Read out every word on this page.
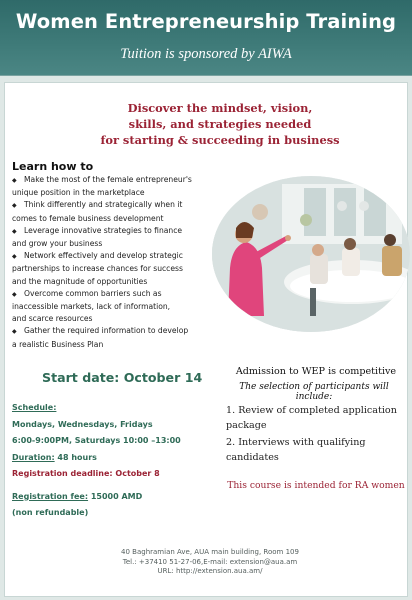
Women Entrepreneurship Training
Tuition is sponsored by AIWA
Discover the mindset, vision,
skills, and strategies needed
for starting & succeeding in business
Learn how to
◆ Make the most of the female entrepreneur's
unique position in the marketplace
◆ Think differently and strategically when it
comes to female business development
◆ Leverage innovative strategies to finance
and grow your business
◆ Network effectively and develop strategic
partnerships to increase chances for success
and the magnitude of opportunities
◆ Overcome common barriers such as
inaccessible markets, lack of information,
and scarce resources
◆ Gather the required information to develop
a realistic Business Plan
Start date: October 14
Schedule:
Mondays, Wednesdays, Fridays
6:00-9:00PM, Saturdays 10:00 –13:00
Duration: 48 hours
Registration deadline: October 8
Registration fee: 15000 AMD
(non refundable)
Admission to WEP is competitive
The selection of participants will include:
1. Review of completed application
package
2. Interviews with qualifying
candidates
This course is intended for RA women
40 Baghramian Ave, AUA main building, Room 109
Tel.: +37410 51-27-06,E-mail: extension@aua.am
URL: http://extension.aua.am/
